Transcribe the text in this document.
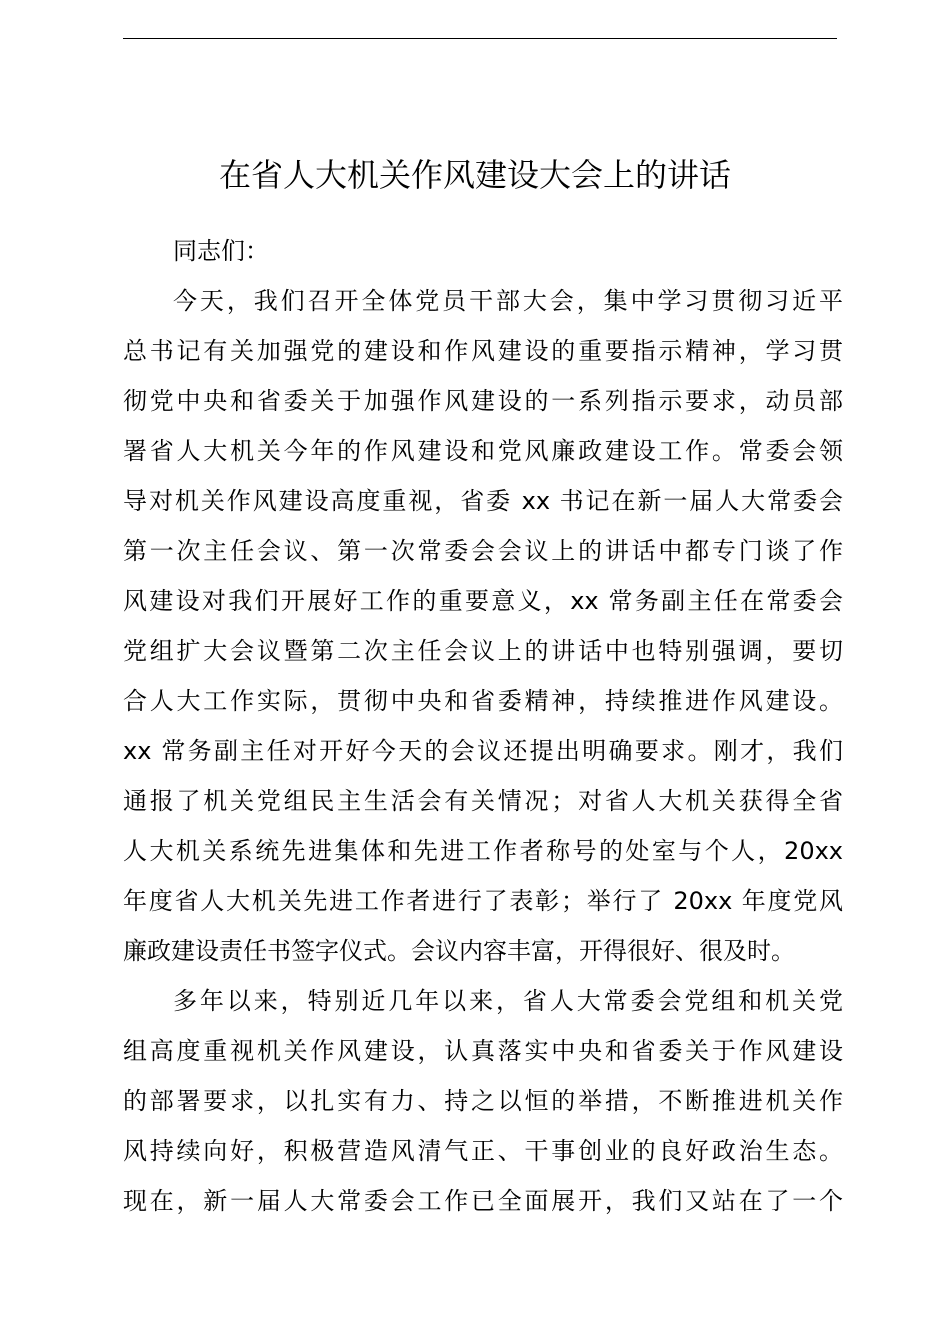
在省人大机关作风建设大会上的讲话

同志们：

今天，我们召开全体党员干部大会，集中学习贯彻习近平
总书记有关加强党的建设和作风建设的重要指示精神，学习贯
彻党中央和省委关于加强作风建设的一系列指示要求，动员部
署省人大机关今年的作风建设和党风廉政建设工作。常委会领
导对机关作风建设高度重视，省委 xx 书记在新一届人大常委会
第一次主任会议、第一次常委会会议上的讲话中都专门谈了作
风建设对我们开展好工作的重要意义，xx 常务副主任在常委会
党组扩大会议暨第二次主任会议上的讲话中也特别强调，要切
合人大工作实际，贯彻中央和省委精神，持续推进作风建设。
xx 常务副主任对开好今天的会议还提出明确要求。刚才，我们
通报了机关党组民主生活会有关情况；对省人大机关获得全省
人大机关系统先进集体和先进工作者称号的处室与个人，20xx
年度省人大机关先进工作者进行了表彰；举行了 20xx 年度党风
廉政建设责任书签字仪式。会议内容丰富，开得很好、很及时。
多年以来，特别近几年以来，省人大常委会党组和机关党
组高度重视机关作风建设，认真落实中央和省委关于作风建设
的部署要求，以扎实有力、持之以恒的举措，不断推进机关作
风持续向好，积极营造风清气正、干事创业的良好政治生态。
现在，新一届人大常委会工作已全面展开，我们又站在了一个
